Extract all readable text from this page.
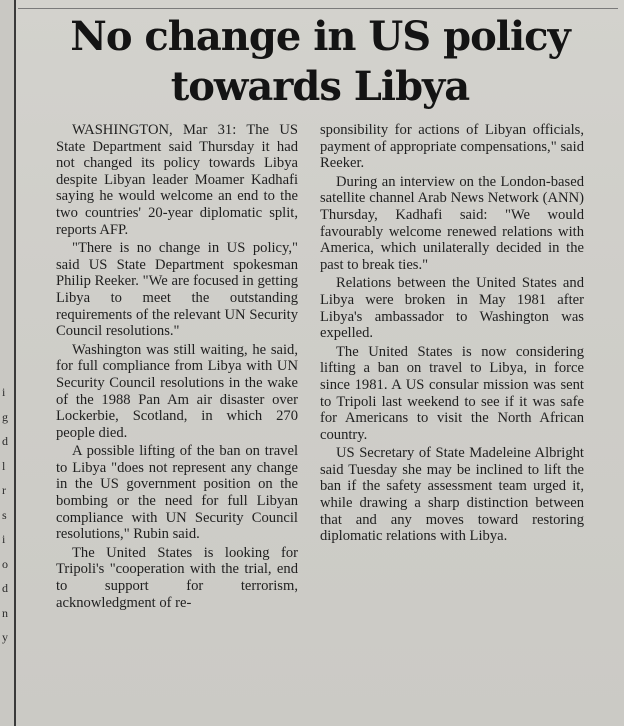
i
g
d
l
r
s
i
o
d
n
y
No change in US policy
towards Libya

WASHINGTON, Mar 31: The US State Department said Thursday it had not changed its policy towards Libya despite Libyan leader Moamer Kadhafi saying he would welcome an end to the two countries' 20-year diplomatic split, reports AFP.

"There is no change in US policy," said US State Department spokesman Philip Reeker. "We are focused in getting Libya to meet the outstanding requirements of the relevant UN Security Council resolutions."

Washington was still waiting, he said, for full compliance from Libya with UN Security Council resolutions in the wake of the 1988 Pan Am air disaster over Lockerbie, Scotland, in which 270 people died.

A possible lifting of the ban on travel to Libya "does not represent any change in the US government position on the bombing or the need for full Libyan compliance with UN Security Council resolutions," Rubin said.

The United States is looking for Tripoli's "cooperation with the trial, end to support for terrorism, acknowledgment of re-

sponsibility for actions of Libyan officials, payment of appropriate compensations," said Reeker.

During an interview on the London-based satellite channel Arab News Network (ANN) Thursday, Kadhafi said: "We would favourably welcome renewed relations with America, which unilaterally decided in the past to break ties."

Relations between the United States and Libya were broken in May 1981 after Libya's ambassador to Washington was expelled.

The United States is now considering lifting a ban on travel to Libya, in force since 1981. A US consular mission was sent to Tripoli last weekend to see if it was safe for Americans to visit the North African country.

US Secretary of State Madeleine Albright said Tuesday she may be inclined to lift the ban if the safety assessment team urged it, while drawing a sharp distinction between that and any moves toward restoring diplomatic relations with Libya.
